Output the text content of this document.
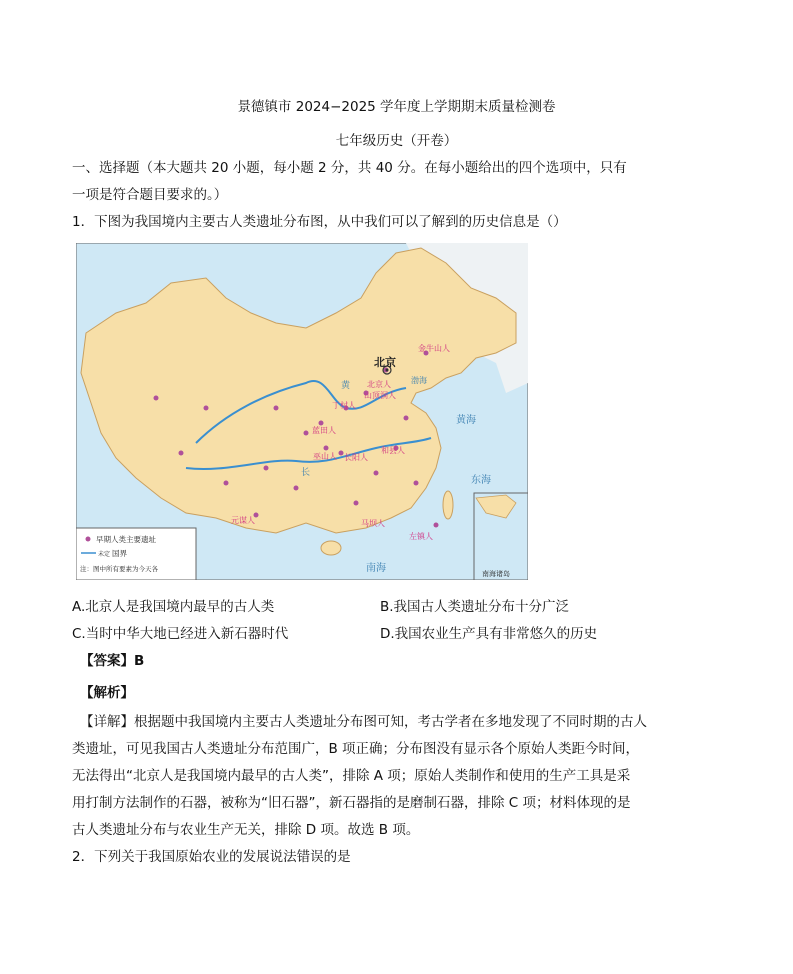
景德镇市 2024−2025 学年度上学期期末质量检测卷
七年级历史（开卷）
一、选择题（本大题共 20 小题，每小题 2 分，共 40 分。在每小题给出的四个选项中，只有
一项是符合题目要求的。）
1．下图为我国境内主要古人类遗址分布图，从中我们可以了解到的历史信息是（）
北京
金牛山人
北京人
山顶洞人
丁村人
蓝田人
和县人
巫山人 长阳人
元谋人	马坝人
左镇人
黄海
东海
南海
渤海
黄
长
早期人类主要遗址
未定 国界
注：图中所有要素为今天各
南海诸岛
A.北京人是我国境内最早的古人类	B.我国古人类遗址分布十分广泛
C.当时中华大地已经进入新石器时代	D.我国农业生产具有非常悠久的历史
【答案】B
【解析】
【详解】根据题中我国境内主要古人类遗址分布图可知，考古学者在多地发现了不同时期的古人
类遗址，可见我国古人类遗址分布范围广，B 项正确；分布图没有显示各个原始人类距今时间，
无法得出“北京人是我国境内最早的古人类”，排除 A 项；原始人类制作和使用的生产工具是采
用打制方法制作的石器，被称为“旧石器”，新石器指的是磨制石器，排除 C 项；材料体现的是
古人类遗址分布与农业生产无关，排除 D 项。故选 B 项。
2．下列关于我国原始农业的发展说法错误的是
